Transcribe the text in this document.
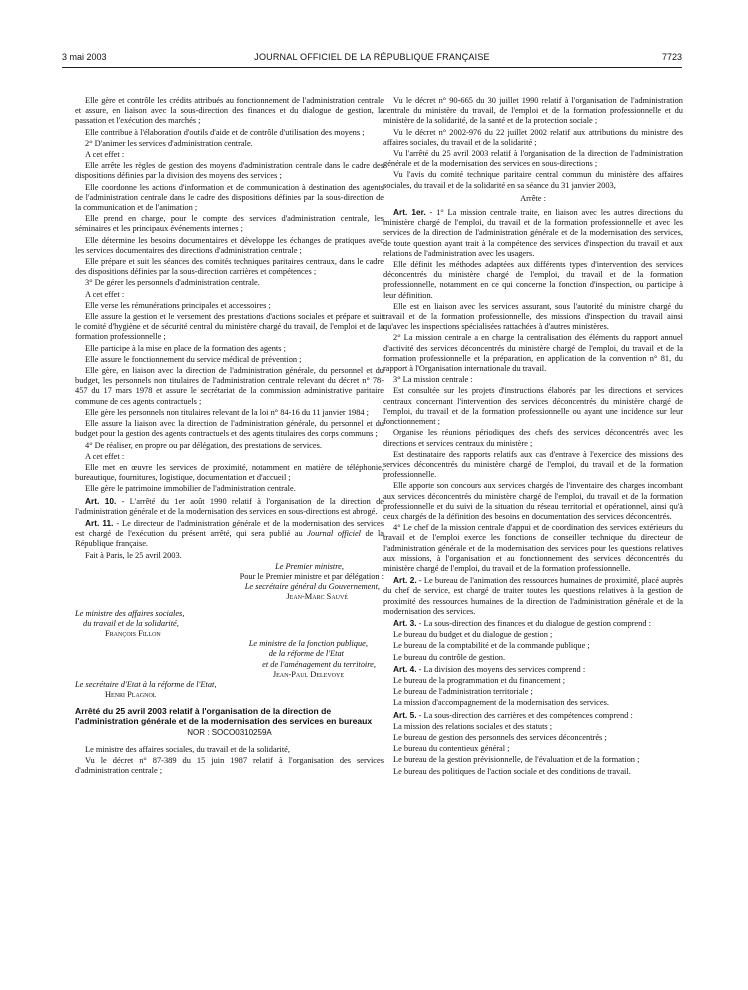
3 mai 2003	JOURNAL OFFICIEL DE LA RÉPUBLIQUE FRANÇAISE	7723

Elle gère et contrôle les crédits attribués au fonctionnement de l'administration centrale et assure, en liaison avec la sous-direction des finances et du dialogue de gestion, la passation et l'exécution des marchés ;

Elle contribue à l'élaboration d'outils d'aide et de contrôle d'utilisation des moyens ;

2° D'animer les services d'administration centrale.

A cet effet :

Elle arrête les règles de gestion des moyens d'administration centrale dans le cadre des dispositions définies par la division des moyens des services ;

Elle coordonne les actions d'information et de communication à destination des agents de l'administration centrale dans le cadre des dispositions définies par la sous-direction de la communication et de l'animation ;

Elle prend en charge, pour le compte des services d'administration centrale, les séminaires et les principaux événements internes ;

Elle détermine les besoins documentaires et développe les échanges de pratiques avec les services documentaires des directions d'administration centrale ;

Elle prépare et suit les séances des comités techniques paritaires centraux, dans le cadre des dispositions définies par la sous-direction carrières et compétences ;

3° De gérer les personnels d'administration centrale.

A cet effet :

Elle verse les rémunérations principales et accessoires ;

Elle assure la gestion et le versement des prestations d'actions sociales et prépare et suit le comité d'hygiène et de sécurité central du ministère chargé du travail, de l'emploi et de la formation professionnelle ;

Elle participe à la mise en place de la formation des agents ;

Elle assure le fonctionnement du service médical de prévention ;

Elle gère, en liaison avec la direction de l'administration générale, du personnel et du budget, les personnels non titulaires de l'administration centrale relevant du décret n° 78-457 du 17 mars 1978 et assure le secrétariat de la commission administrative paritaire commune de ces agents contractuels ;

Elle gère les personnels non titulaires relevant de la loi n° 84-16 du 11 janvier 1984 ;

Elle assure la liaison avec la direction de l'administration générale, du personnel et du budget pour la gestion des agents contractuels et des agents titulaires des corps communs ;

4° De réaliser, en propre ou par délégation, des prestations de services.

A cet effet :

Elle met en œuvre les services de proximité, notamment en matière de téléphonie, bureautique, fournitures, logistique, documentation et d'accueil ;

Elle gère le patrimoine immobilier de l'administration centrale.

Art. 10. - L'arrêté du 1er août 1990 relatif à l'organisation de la direction de l'administration générale et de la modernisation des services en sous-directions est abrogé.

Art. 11. - Le directeur de l'administration générale et de la modernisation des services est chargé de l'exécution du présent arrêté, qui sera publié au Journal officiel de la République française.

Fait à Paris, le 25 avril 2003.

Le Premier ministre,

Pour le Premier ministre et par délégation :

Le secrétaire général du Gouvernement,

Jean-Marc Sauvé

Le ministre des affaires sociales,

du travail et de la solidarité,

François Fillon

Le ministre de la fonction publique,

de la réforme de l'Etat

et de l'aménagement du territoire,

Jean-Paul Delevoye

Le secrétaire d'Etat à la réforme de l'Etat,

Henri Plagnol

Arrêté du 25 avril 2003 relatif à l'organisation de la direction de l'administration générale et de la modernisation des services en bureaux

NOR : SOCO0310259A

Le ministre des affaires sociales, du travail et de la solidarité,

Vu le décret n° 87-389 du 15 juin 1987 relatif à l'organisation des services d'administration centrale ;

Vu le décret n° 90-665 du 30 juillet 1990 relatif à l'organisation de l'administration centrale du ministère du travail, de l'emploi et de la formation professionnelle et du ministère de la solidarité, de la santé et de la protection sociale ;

Vu le décret n° 2002-976 du 22 juillet 2002 relatif aux attributions du ministre des affaires sociales, du travail et de la solidarité ;

Vu l'arrêté du 25 avril 2003 relatif à l'organisation de la direction de l'administration générale et de la modernisation des services en sous-directions ;

Vu l'avis du comité technique paritaire central commun du ministère des affaires sociales, du travail et de la solidarité en sa séance du 31 janvier 2003,

Arrête :

Art. 1er. - 1° La mission centrale traite, en liaison avec les autres directions du ministère chargé de l'emploi, du travail et de la formation professionnelle et avec les services de la direction de l'administration générale et de la modernisation des services, de toute question ayant trait à la compétence des services d'inspection du travail et aux relations de l'administration avec les usagers.

Elle définit les méthodes adaptées aux différents types d'intervention des services déconcentrés du ministère chargé de l'emploi, du travail et de la formation professionnelle, notamment en ce qui concerne la fonction d'inspection, ou participe à leur définition.

Elle est en liaison avec les services assurant, sous l'autorité du ministre chargé du travail et de la formation professionnelle, des missions d'inspection du travail ainsi qu'avec les inspections spécialisées rattachées à d'autres ministères.

2° La mission centrale a en charge la centralisation des éléments du rapport annuel d'activité des services déconcentrés du ministère chargé de l'emploi, du travail et de la formation professionnelle et la préparation, en application de la convention n° 81, du rapport à l'Organisation internationale du travail.

3° La mission centrale :

Est consultée sur les projets d'instructions élaborés par les directions et services centraux concernant l'intervention des services déconcentrés du ministère chargé de l'emploi, du travail et de la formation professionnelle ou ayant une incidence sur leur fonctionnement ;

Organise les réunions périodiques des chefs des services déconcentrés avec les directions et services centraux du ministère ;

Est destinataire des rapports relatifs aux cas d'entrave à l'exercice des missions des services déconcentrés du ministère chargé de l'emploi, du travail et de la formation professionnelle.

Elle apporte son concours aux services chargés de l'inventaire des charges incombant aux services déconcentrés du ministère chargé de l'emploi, du travail et de la formation professionnelle et du suivi de la situation du réseau territorial et opérationnel, ainsi qu'à ceux chargés de la définition des besoins en documentation des services déconcentrés.

4° Le chef de la mission centrale d'appui et de coordination des services extérieurs du travail et de l'emploi exerce les fonctions de conseiller technique du directeur de l'administration générale et de la modernisation des services pour les questions relatives aux missions, à l'organisation et au fonctionnement des services déconcentrés du ministère chargé de l'emploi, du travail et de la formation professionnelle.

Art. 2. - Le bureau de l'animation des ressources humaines de proximité, placé auprès du chef de service, est chargé de traiter toutes les questions relatives à la gestion de proximité des ressources humaines de la direction de l'administration générale et de la modernisation des services.

Art. 3. - La sous-direction des finances et du dialogue de gestion comprend :

Le bureau du budget et du dialogue de gestion ;

Le bureau de la comptabilité et de la commande publique ;

Le bureau du contrôle de gestion.

Art. 4. - La division des moyens des services comprend :

Le bureau de la programmation et du financement ;

Le bureau de l'administration territoriale ;

La mission d'accompagnement de la modernisation des services.

Art. 5. - La sous-direction des carrières et des compétences comprend :

La mission des relations sociales et des statuts ;

Le bureau de gestion des personnels des services déconcentrés ;

Le bureau du contentieux général ;

Le bureau de la gestion prévisionnelle, de l'évaluation et de la formation ;

Le bureau des politiques de l'action sociale et des conditions de travail.
